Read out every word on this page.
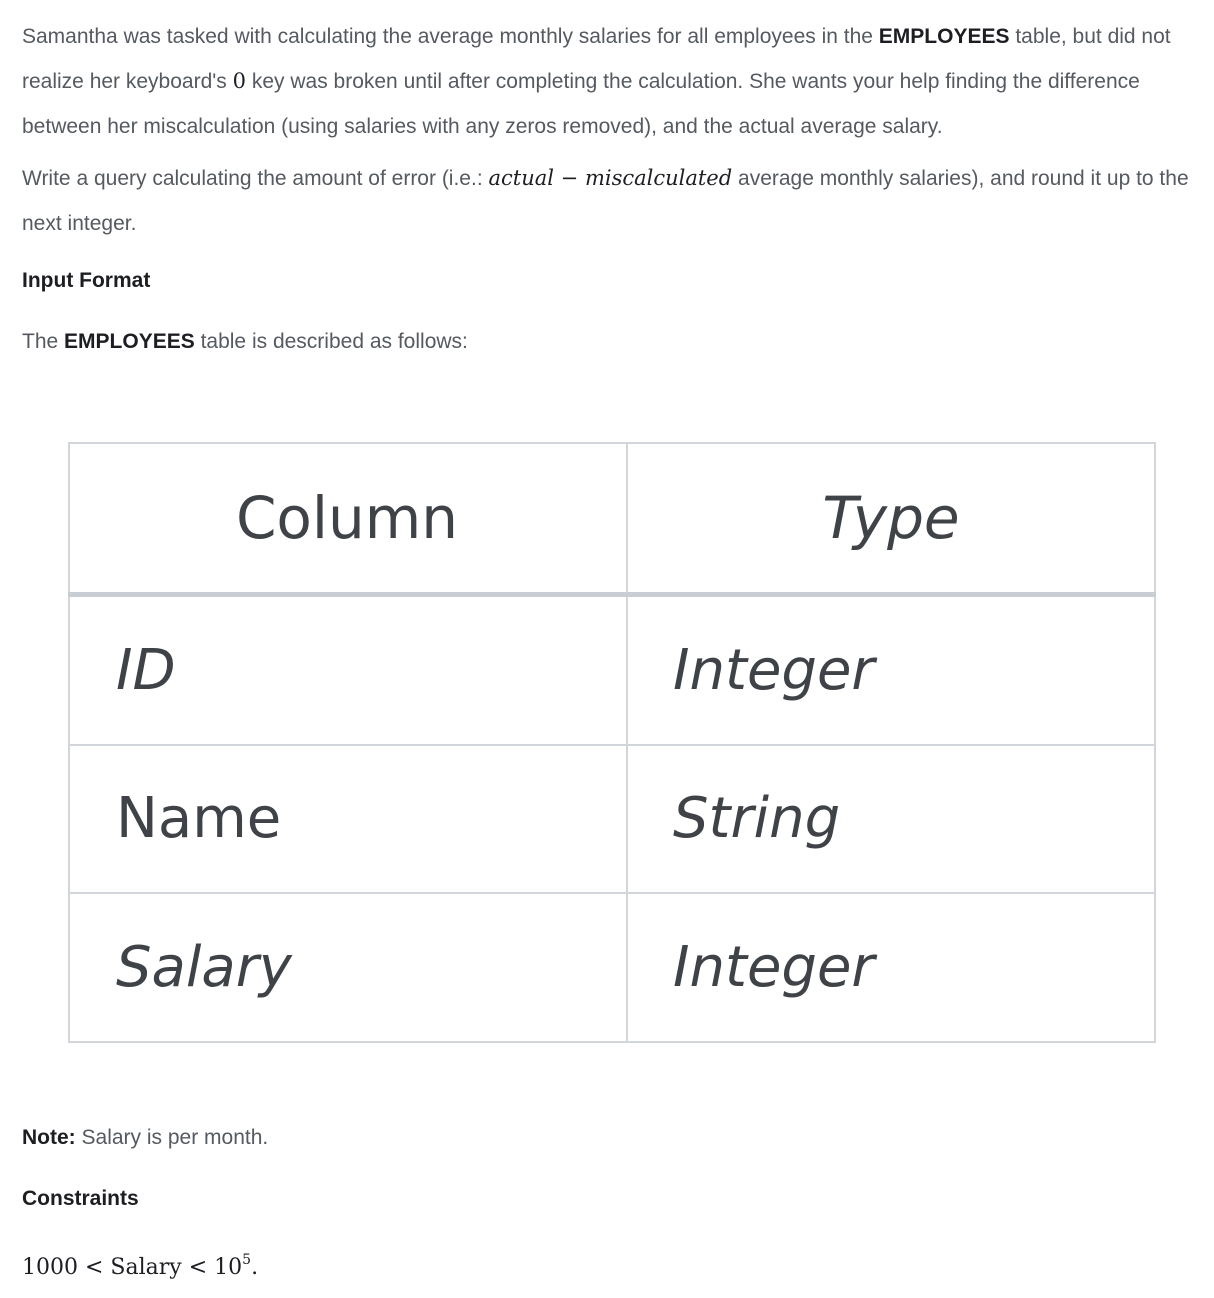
Samantha was tasked with calculating the average monthly salaries for all employees in the EMPLOYEES table, but did not realize her keyboard's 0 key was broken until after completing the calculation. She wants your help finding the difference between her miscalculation (using salaries with any zeros removed), and the actual average salary.

Write a query calculating the amount of error (i.e.: actual − miscalculated average monthly salaries), and round it up to the next integer.

Input Format

The EMPLOYEES table is described as follows:

Note: Salary is per month.

Constraints
1000 < Salary < $10^5$.
Column	Type
ID	Integer
Name	String
Salary	Integer
